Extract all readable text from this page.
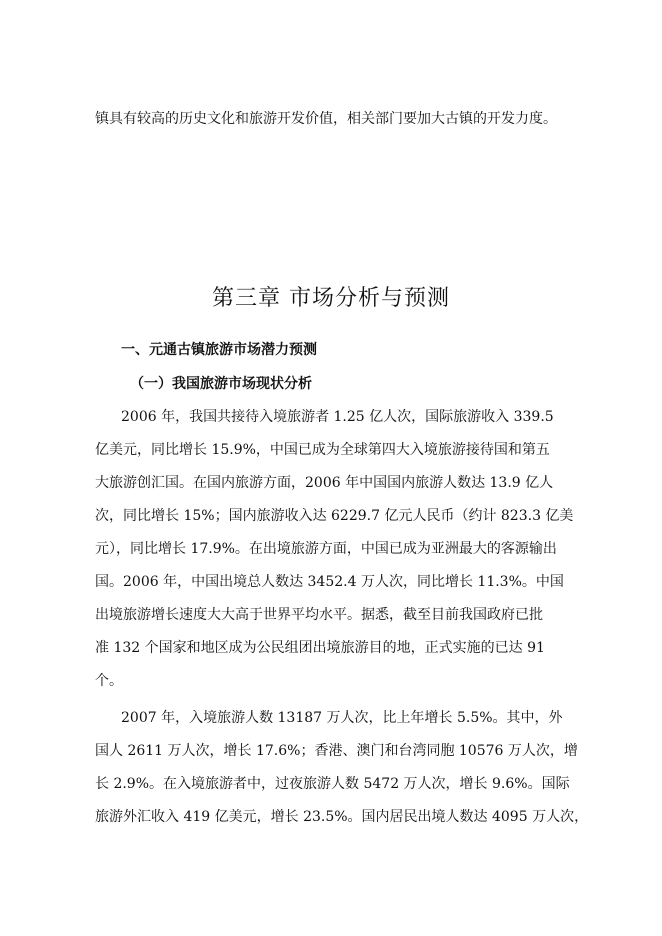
镇具有较高的历史文化和旅游开发价值，相关部门要加大古镇的开发力度。
第三章 市场分析与预测
一、元通古镇旅游市场潜力预测
（一）我国旅游市场现状分析
2006 年，我国共接待入境旅游者 1.25 亿人次，国际旅游收入 339.5
亿美元，同比增长 15.9%，中国已成为全球第四大入境旅游接待国和第五
大旅游创汇国。在国内旅游方面，2006 年中国国内旅游人数达 13.9 亿人
次，同比增长 15%；国内旅游收入达 6229.7 亿元人民币（约计 823.3 亿美
元），同比增长 17.9%。在出境旅游方面，中国已成为亚洲最大的客源输出
国。2006 年，中国出境总人数达 3452.4 万人次，同比增长 11.3%。中国
出境旅游增长速度大大高于世界平均水平。据悉，截至目前我国政府已批
准 132 个国家和地区成为公民组团出境旅游目的地，正式实施的已达 91
个。
2007 年，入境旅游人数 13187 万人次，比上年增长 5.5%。其中，外
国人 2611 万人次，增长 17.6%；香港、澳门和台湾同胞 10576 万人次，增
长 2.9%。在入境旅游者中，过夜旅游人数 5472 万人次，增长 9.6%。国际
旅游外汇收入 419 亿美元，增长 23.5%。国内居民出境人数达 4095 万人次，
